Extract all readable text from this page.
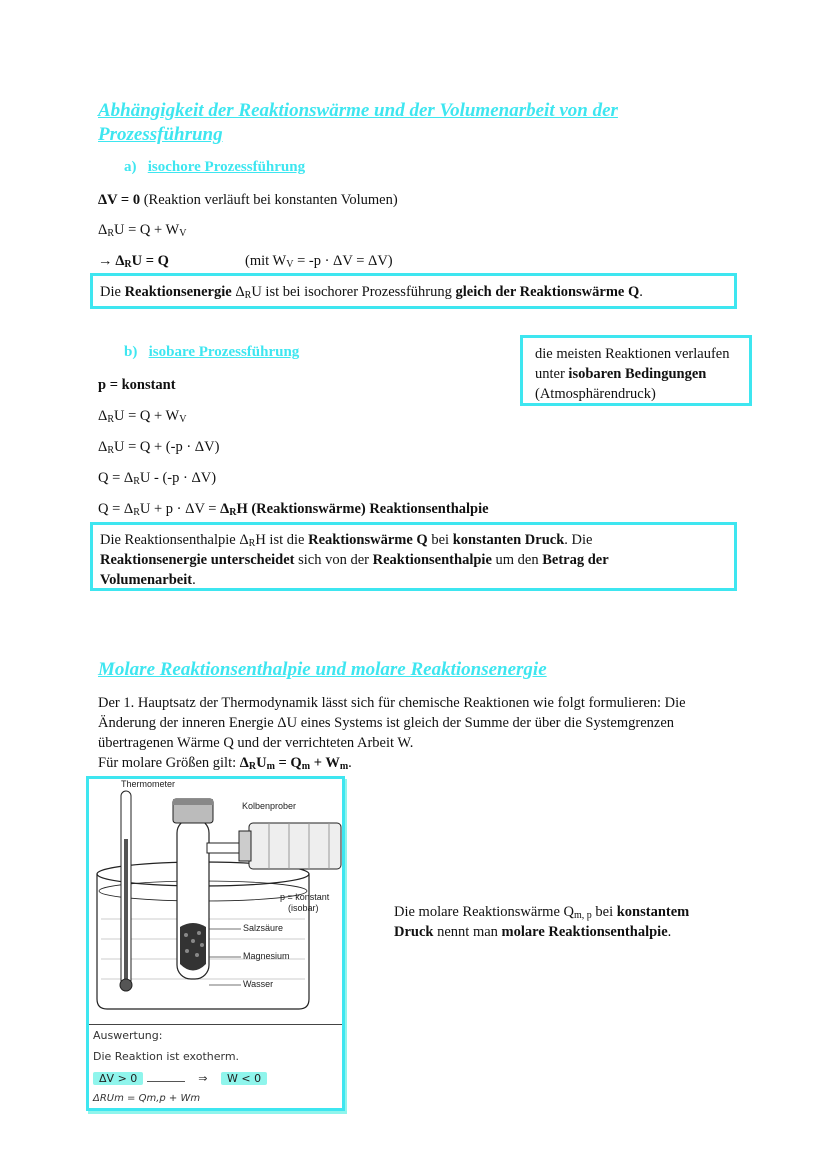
Abhängigkeit der Reaktionswärme und der Volumenarbeit von der
Prozessführung
a) isochore Prozessführung
ΔV = 0 (Reaktion verläuft bei konstanten Volumen)
$\Delta_RU = Q + W_V$
→ $\Delta_RU = Q$	(mit $W_V = -p \cdot \Delta V = \Delta V$)
Die Reaktionsenergie $\Delta_RU$ ist bei isochorer Prozessführung gleich der Reaktionswärme Q.
b) isobare Prozessführung	die meisten Reaktionen verlaufen
unter isobaren Bedingungen
(Atmosphärendruck)
p = konstant
$\Delta_RU = Q + W_V$
$\Delta_RU = Q + (-p \cdot \Delta V)$
$Q = \Delta_RU - (-p \cdot \Delta V)$
$Q = \Delta_RU + p \cdot \Delta V = \Delta_RH$ (Reaktionswärme) Reaktionsenthalpie
Die Reaktionsenthalpie $\Delta_RH$ ist die Reaktionswärme Q bei konstanten Druck. Die
Reaktionsenergie unterscheidet sich von der Reaktionsenthalpie um den Betrag der
Volumenarbeit.
Molare Reaktionsenthalpie und molare Reaktionsenergie
Der 1. Hauptsatz der Thermodynamik lässt sich für chemische Reaktionen wie folgt formulieren: Die
Änderung der inneren Energie ΔU eines Systems ist gleich der Summe der über die Systemgrenzen
übertragenen Wärme Q und der verrichteten Arbeit W.
Für molare Größen gilt: $\Delta_RU_m = Q_m + W_m$.
Die molare Reaktionswärme $Q_{m, p}$ bei konstantem
Druck nennt man molare Reaktionsenthalpie.
Thermometer
Kolbenprober
p = konstant
(isobar)
Salzsäure
Magnesium
Wasser
Auswertung:
Die Reaktion ist exotherm.
ΔV > 0	⇒ W < 0
ΔRUm = Qm,p + Wm
